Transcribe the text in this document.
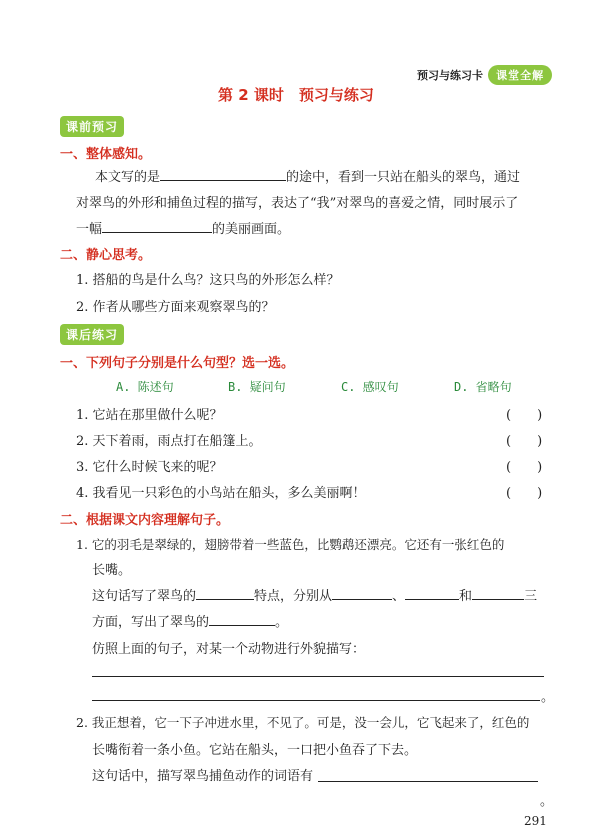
预习与练习卡 课堂全解
第 2 课时　预习与练习
课前预习
一、整体感知。
本文写的是	的途中，看到一只站在船头的翠鸟，通过
对翠鸟的外形和捕鱼过程的描写，表达了“我”对翠鸟的喜爱之情，同时展示了
一幅	的美丽画面。
二、静心思考。
1. 搭船的鸟是什么鸟？这只鸟的外形怎么样？
2. 作者从哪些方面来观察翠鸟的？
课后练习
一、下列句子分别是什么句型？选一选。
A. 陈述句	B. 疑问句	C. 感叹句	D. 省略句
1. 它站在那里做什么呢？	(　　)
2. 天下着雨，雨点打在船篷上。	(　　)
3. 它什么时候飞来的呢？	(　　)
4. 我看见一只彩色的小鸟站在船头，多么美丽啊！	(　　)
二、根据课文内容理解句子。
1. 它的羽毛是翠绿的，翅膀带着一些蓝色，比鹦鹉还漂亮。它还有一张红色的
长嘴。
这句话写了翠鸟的	特点，分别从	、	和	三
方面，写出了翠鸟的	。
仿照上面的句子，对某一个动物进行外貌描写：
。
2. 我正想着，它一下子冲进水里，不见了。可是，没一会儿，它飞起来了，红色的
长嘴衔着一条小鱼。它站在船头，一口把小鱼吞了下去。
这句话中，描写翠鸟捕鱼动作的词语有
。
291
